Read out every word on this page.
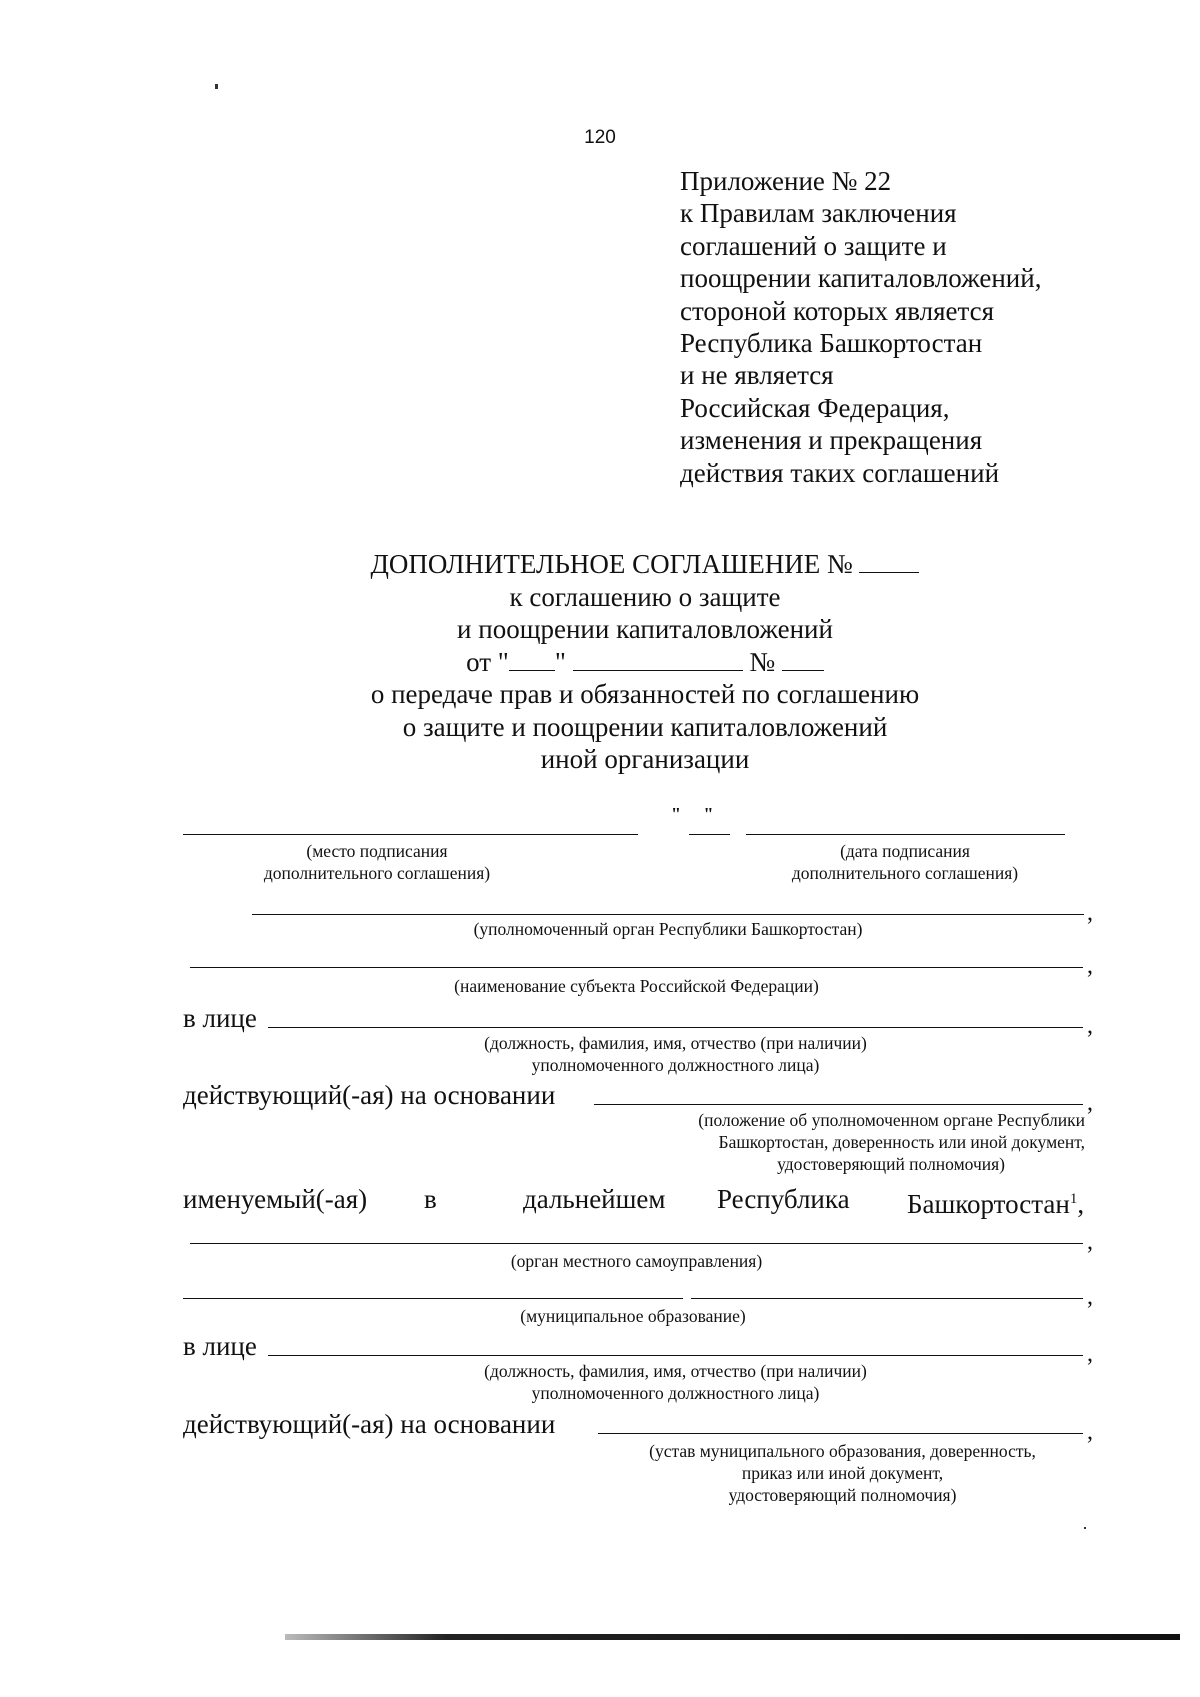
120
Приложение № 22
к Правилам заключения
соглашений о защите и
поощрении капиталовложений,
стороной которых является
Республика Башкортостан
и не является
Российская Федерация,
изменения и прекращения
действия таких соглашений
ДОПОЛНИТЕЛЬНОЕ СОГЛАШЕНИЕ №
к соглашению о защите
и поощрении капиталовложений
от " "	№
о передаче прав и обязанностей по соглашению
о защите и поощрении капиталовложений
иной организации
"     "
(место подписания
дополнительного соглашения)
(дата подписания
дополнительного соглашения)
,
(уполномоченный орган Республики Башкортостан)
,
(наименование субъекта Российской Федерации)
в лице	,
(должность, фамилия, имя, отчество (при наличии)
уполномоченного должностного лица)
действующий(-ая) на основании	,
(положение об уполномоченном органе Республики
Башкортостан, доверенность или иной документ,
удостоверяющий полномочия)
именуемый(-ая) в	дальнейшем Республика Башкортостан$^1$,
,
(орган местного самоуправления)
,
(муниципальное образование)
в лице	,
(должность, фамилия, имя, отчество (при наличии)
уполномоченного должностного лица)
действующий(-ая) на основании	,
(устав муниципального образования, доверенность,
приказ или иной документ,
удостоверяющий полномочия)
